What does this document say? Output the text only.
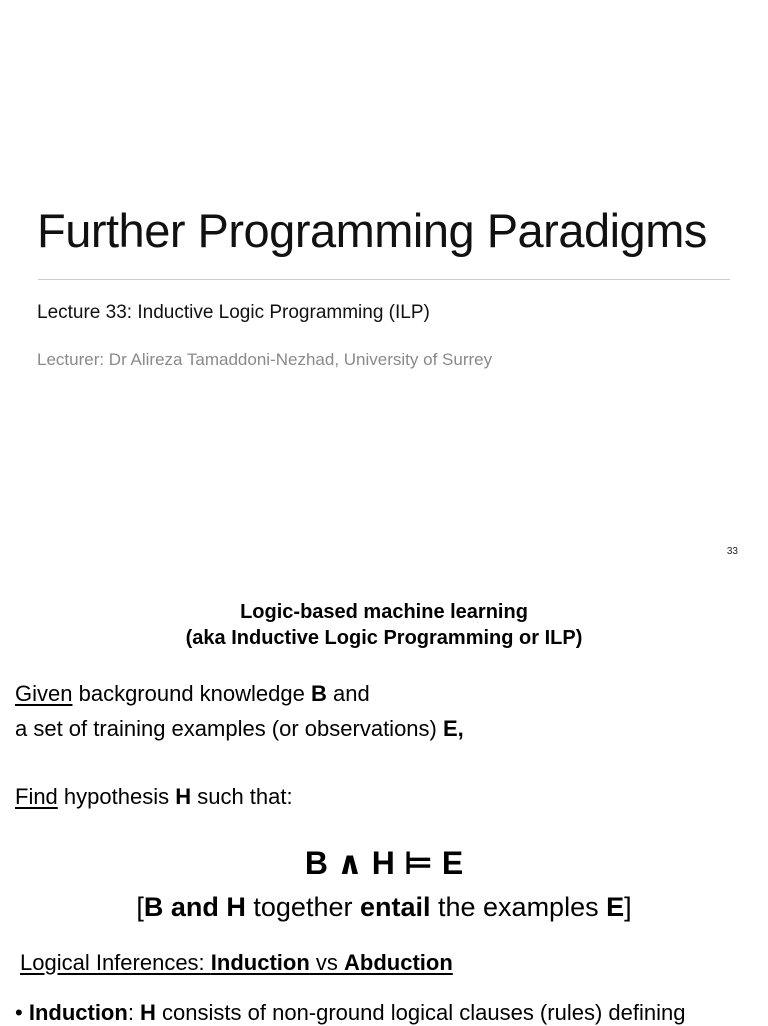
Further Programming Paradigms
Lecture 33: Inductive Logic Programming (ILP)
Lecturer: Dr Alireza Tamaddoni-Nezhad, University of Surrey
33
Logic-based machine learning
(aka Inductive Logic Programming or ILP)
Given background knowledge B and
a set of training examples (or observations) E,
Find hypothesis H such that:
B ∧ H ⊨ E
[B and H together entail the examples E]
Logical Inferences: Induction vs Abduction
• Induction: H consists of non-ground logical clauses (rules) defining
